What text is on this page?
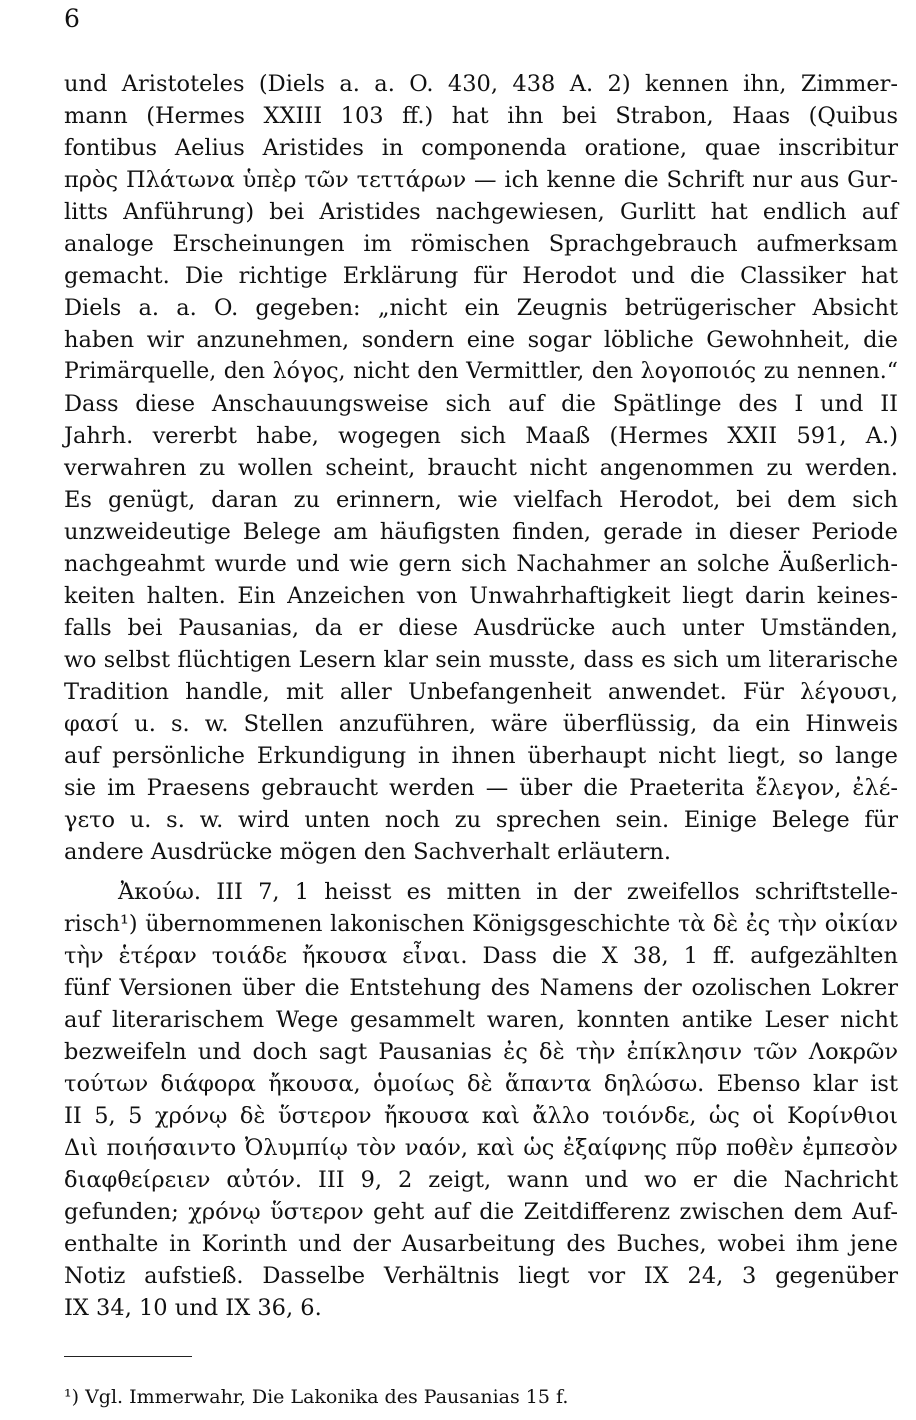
6
und Aristoteles (Diels a. a. O. 430, 438 A. 2) kennen ihn, Zimmer-
mann (Hermes XXIII 103 ff.) hat ihn bei Strabon, Haas (Quibus
fontibus Aelius Aristides in componenda oratione, quae inscribitur
πρὸς Πλάτωνα ὑπὲρ τῶν τεττάρων — ich kenne die Schrift nur aus Gur-
litts Anführung) bei Aristides nachgewiesen, Gurlitt hat endlich auf
analoge Erscheinungen im römischen Sprachgebrauch aufmerksam
gemacht. Die richtige Erklärung für Herodot und die Classiker hat
Diels a. a. O. gegeben: „nicht ein Zeugnis betrügerischer Absicht
haben wir anzunehmen, sondern eine sogar löbliche Gewohnheit, die
Primärquelle, den λόγος, nicht den Vermittler, den λογοποιός zu nennen.“
Dass diese Anschauungsweise sich auf die Spätlinge des I und II
Jahrh. vererbt habe, wogegen sich Maaß (Hermes XXII 591, A.)
verwahren zu wollen scheint, braucht nicht angenommen zu werden.
Es genügt, daran zu erinnern, wie vielfach Herodot, bei dem sich
unzweideutige Belege am häufigsten finden, gerade in dieser Periode
nachgeahmt wurde und wie gern sich Nachahmer an solche Äußerlich-
keiten halten. Ein Anzeichen von Unwahrhaftigkeit liegt darin keines-
falls bei Pausanias, da er diese Ausdrücke auch unter Umständen,
wo selbst flüchtigen Lesern klar sein musste, dass es sich um literarische
Tradition handle, mit aller Unbefangenheit anwendet. Für λέγουσι,
φασί u. s. w. Stellen anzuführen, wäre überflüssig, da ein Hinweis
auf persönliche Erkundigung in ihnen überhaupt nicht liegt, so lange
sie im Praesens gebraucht werden — über die Praeterita ἔλεγον, ἐλέ-
γετο u. s. w. wird unten noch zu sprechen sein. Einige Belege für
andere Ausdrücke mögen den Sachverhalt erläutern.
Ἀκούω. III 7, 1 heisst es mitten in der zweifellos schriftstelle-
risch¹) übernommenen lakonischen Königsgeschichte τὰ δὲ ἐς τὴν οἰκίαν
τὴν ἑτέραν τοιάδε ἤκουσα εἶναι. Dass die X 38, 1 ff. aufgezählten
fünf Versionen über die Entstehung des Namens der ozolischen Lokrer
auf literarischem Wege gesammelt waren, konnten antike Leser nicht
bezweifeln und doch sagt Pausanias ἐς δὲ τὴν ἐπίκλησιν τῶν Λοκρῶν
τούτων διάφορα ἤκουσα, ὁμοίως δὲ ἅπαντα δηλώσω. Ebenso klar ist
II 5, 5 χρόνῳ δὲ ὕστερον ἤκουσα καὶ ἄλλο τοιόνδε, ὡς οἱ Κορίνθιοι
Διὶ ποιήσαιντο Ὀλυμπίῳ τὸν ναόν, καὶ ὡς ἐξαίφνης πῦρ ποθὲν ἐμπεσὸν
διαφθείρειεν αὐτόν. III 9, 2 zeigt, wann und wo er die Nachricht
gefunden; χρόνῳ ὕστερον geht auf die Zeitdifferenz zwischen dem Auf-
enthalte in Korinth und der Ausarbeitung des Buches, wobei ihm jene
Notiz aufstieß. Dasselbe Verhältnis liegt vor IX 24, 3 gegenüber
IX 34, 10 und IX 36, 6.
¹) Vgl. Immerwahr, Die Lakonika des Pausanias 15 f.
